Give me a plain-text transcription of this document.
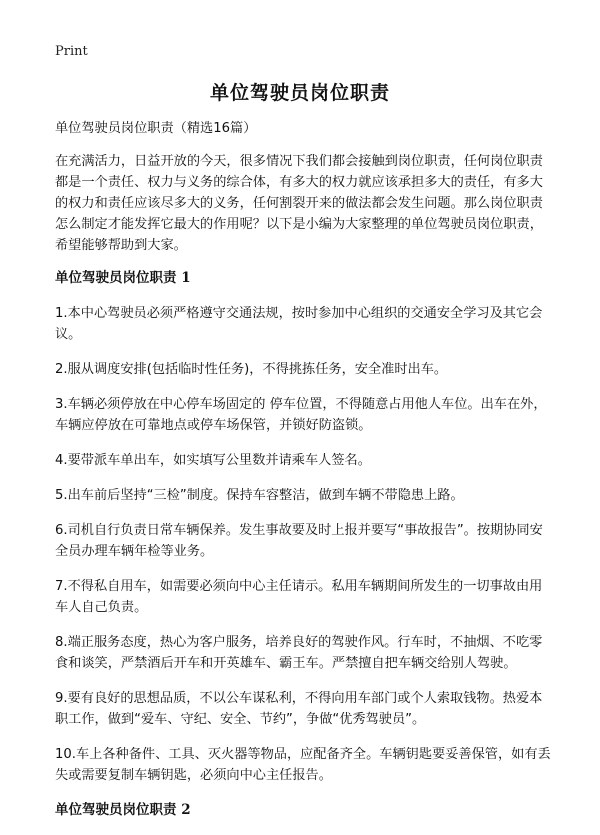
Print
单位驾驶员岗位职责

单位驾驶员岗位职责（精选16篇）

在充满活力，日益开放的今天，很多情况下我们都会接触到岗位职责，任何岗位职责都是一个责任、权力与义务的综合体，有多大的权力就应该承担多大的责任，有多大的权力和责任应该尽多大的义务，任何割裂开来的做法都会发生问题。那么岗位职责怎么制定才能发挥它最大的作用呢？以下是小编为大家整理的单位驾驶员岗位职责，希望能够帮助到大家。

单位驾驶员岗位职责 1

1.本中心驾驶员必须严格遵守交通法规，按时参加中心组织的交通安全学习及其它会议。

2.服从调度安排(包括临时性任务)，不得挑拣任务，安全准时出车。

3.车辆必须停放在中心停车场固定的 停车位置，不得随意占用他人车位。出车在外，车辆应停放在可靠地点或停车场保管，并锁好防盗锁。

4.要带派车单出车，如实填写公里数并请乘车人签名。

5.出车前后坚持“三检”制度。保持车容整洁，做到车辆不带隐患上路。

6.司机自行负责日常车辆保养。发生事故要及时上报并要写“事故报告”。按期协同安全员办理车辆年检等业务。

7.不得私自用车，如需要必须向中心主任请示。私用车辆期间所发生的一切事故由用车人自己负责。

8.端正服务态度，热心为客户服务，培养良好的驾驶作风。行车时，不抽烟、不吃零食和谈笑，严禁酒后开车和开英雄车、霸王车。严禁擅自把车辆交给别人驾驶。

9.要有良好的思想品质，不以公车谋私利，不得向用车部门或个人索取钱物。热爱本职工作，做到“爱车、守纪、安全、节约”，争做“优秀驾驶员”。

10.车上各种备件、工具、灭火器等物品，应配备齐全。车辆钥匙要妥善保管，如有丢失或需要复制车辆钥匙，必须向中心主任报告。

单位驾驶员岗位职责 2
